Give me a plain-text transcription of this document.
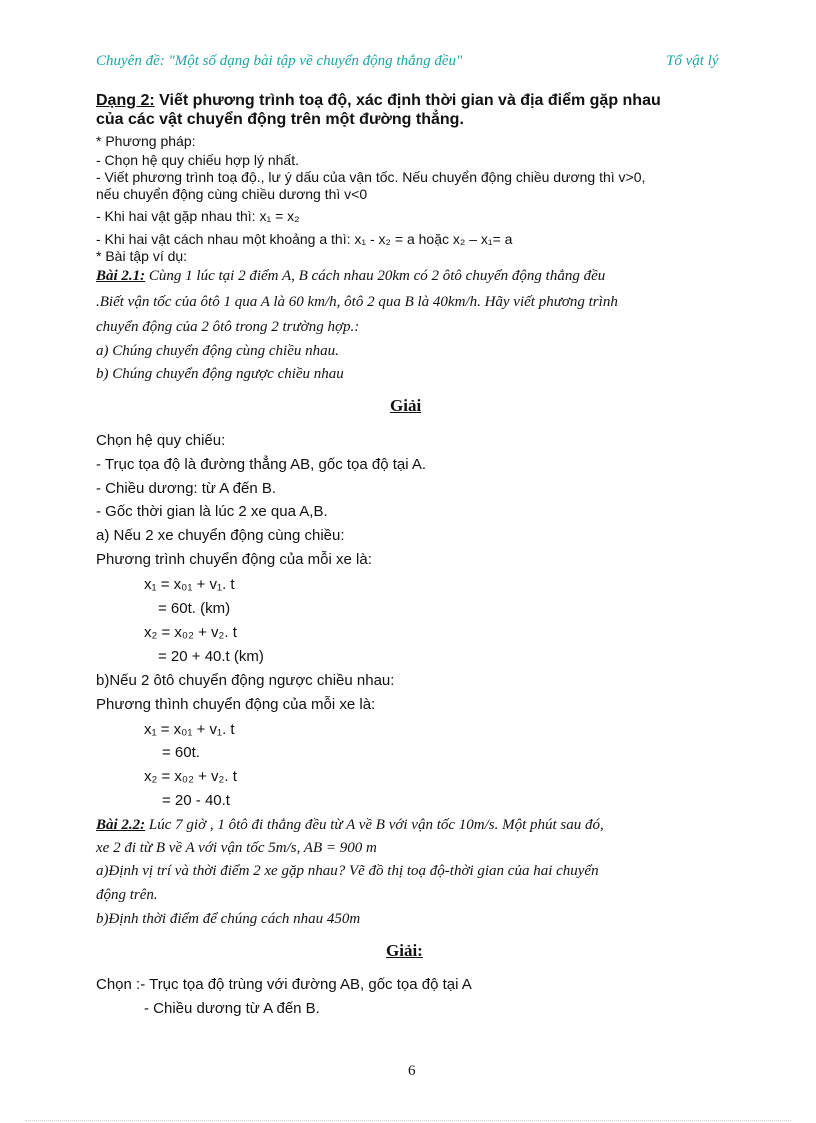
Chuyên đề: "Một số dạng bài tập về chuyển động thẳng đều"	Tổ vật lý
Dạng 2: Viết phương trình toạ độ, xác định thời gian và địa điểm gặp nhau
của các vật chuyển động trên một đường thẳng.
* Phương pháp:
- Chọn hệ quy chiếu hợp lý nhất.
- Viết phương trình toạ độ., lư ý dấu của vận tốc. Nếu chuyển động chiều dương thì v>0,
nếu chuyển động cùng chiều dương thì v<0
- Khi hai vật gặp nhau thì: x₁ = x₂
- Khi hai vật cách nhau một khoảng a thì: x₁ - x₂ = a hoặc x₂ – x₁= a
* Bài tập ví dụ:
Bài 2.1: Cùng 1 lúc tại 2 điểm A, B cách nhau 20km có 2 ôtô chuyển động thẳng đều
.Biết vận tốc của ôtô 1 qua A là 60 km/h, ôtô 2 qua B là 40km/h. Hãy viết phương trình
chuyển động của 2 ôtô trong 2 trường hợp.:
a) Chúng chuyển động cùng chiều nhau.
b) Chúng chuyển động ngược chiều nhau
Giải
Chọn hệ quy chiếu:
- Trục tọa độ là đường thẳng AB, gốc tọa độ tại A.
- Chiều dương: từ A đến B.
- Gốc thời gian là lúc 2 xe qua A,B.
a) Nếu 2 xe chuyển động cùng chiều:
Phương trình chuyển động của mỗi xe là:
x₁ = x₀₁ + v₁. t
= 60t. (km)
x₂ = x₀₂ + v₂. t
= 20 + 40.t (km)
b)Nếu 2 ôtô chuyển động ngược chiều nhau:
Phương thình chuyển động của mỗi xe là:
x₁ = x₀₁ + v₁. t
= 60t.
x₂ = x₀₂ + v₂. t
= 20 - 40.t
Bài 2.2: Lúc 7 giờ , 1 ôtô đi thẳng đều từ A về B với vận tốc 10m/s. Một phút sau đó,
xe 2 đi từ B về A với vận tốc 5m/s, AB = 900 m
a)Định vị trí và thời điểm 2 xe gặp nhau? Vẽ đồ thị toạ độ-thời gian của hai chuyển
động trên.
b)Định thời điểm để chúng cách nhau 450m
Giải:
Chọn :- Trục tọa độ trùng với đường AB, gốc tọa độ tại A
- Chiều dương từ A đến B.
6
